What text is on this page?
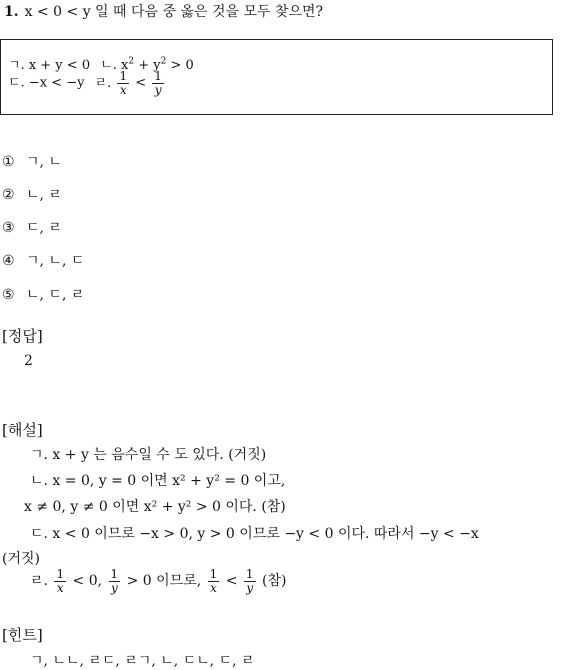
1. x < 0 < y 일 때 다음 중 옳은 것을 모두 찾으면?
ㄱ. x + y < 0 ㄴ. $x^2 + y^2 > 0$
ㄷ. −x < −y ㄹ. $\frac{1}{x} < \frac{1}{y}$
① ㄱ, ㄴ
② ㄴ, ㄹ
③ ㄷ, ㄹ
④ ㄱ, ㄴ, ㄷ
⑤ ㄴ, ㄷ, ㄹ
[정답]
2
[해설]
ㄱ. x + y 는 음수일 수 도 있다. (거짓)
ㄴ. x = 0, y = 0 이면 x² + y² = 0 이고,
x ≠ 0, y ≠ 0 이면 x² + y² > 0 이다. (참)
ㄷ. x < 0 이므로 −x > 0, y > 0 이므로 −y < 0 이다. 따라서 −y < −x
(거짓)
ㄹ. $\frac{1}{x} < 0$, $\frac{1}{y} > 0$ 이므로, $\frac{1}{x} < \frac{1}{y}$ (참)
[힌트]
ㄱ, ㄴㄴ, ㄹㄷ, ㄹㄱ, ㄴ, ㄷㄴ, ㄷ, ㄹ
